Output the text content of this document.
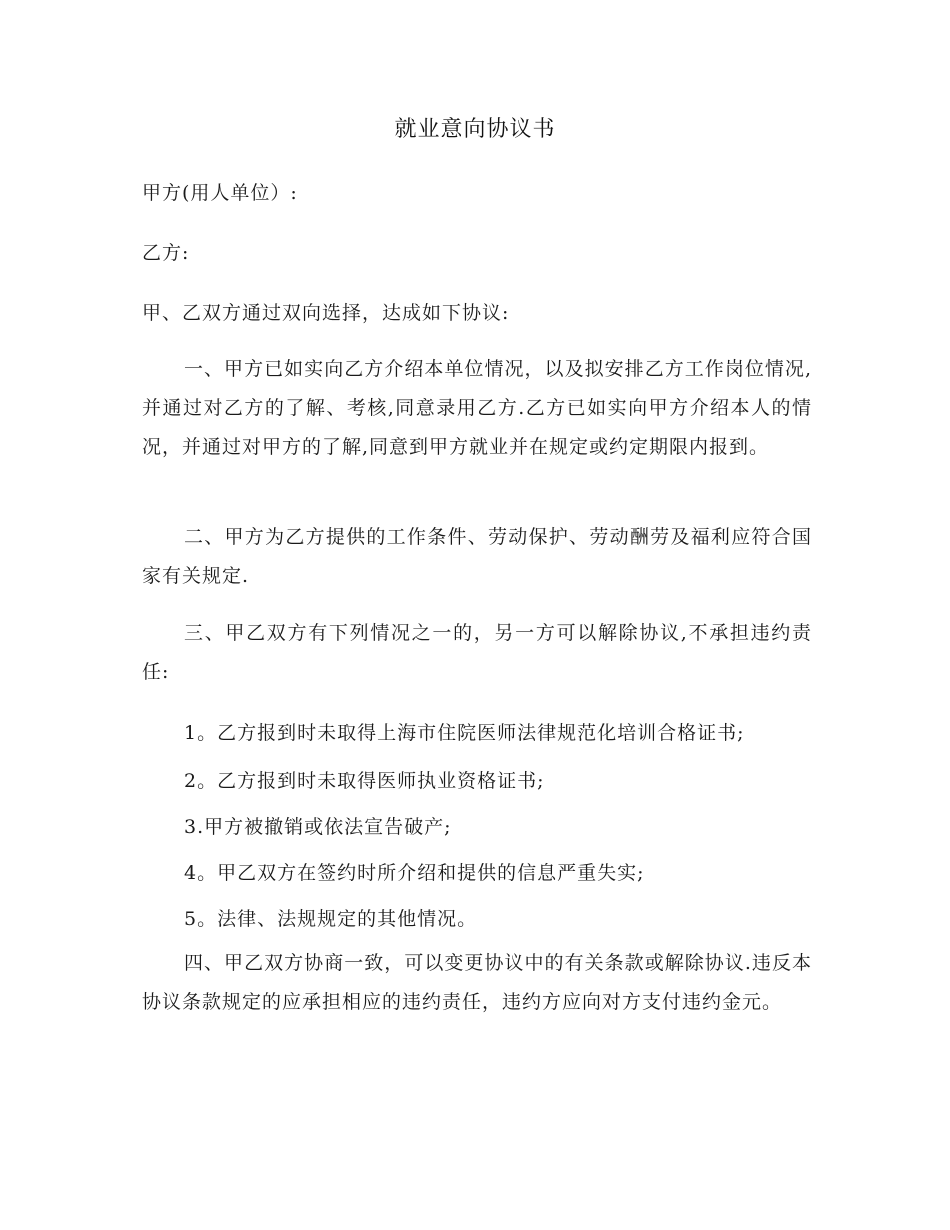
就业意向协议书
甲方(用人单位）:
乙方:
甲、乙双方通过双向选择，达成如下协议:
一、甲方已如实向乙方介绍本单位情况，以及拟安排乙方工作岗位情况,并通过对乙方的了解、考核,同意录用乙方.乙方已如实向甲方介绍本人的情况，并通过对甲方的了解,同意到甲方就业并在规定或约定期限内报到。
二、甲方为乙方提供的工作条件、劳动保护、劳动酬劳及福利应符合国家有关规定.
三、甲乙双方有下列情况之一的，另一方可以解除协议,不承担违约责任:
1。乙方报到时未取得上海市住院医师法律规范化培训合格证书;
2。乙方报到时未取得医师执业资格证书;
3.甲方被撤销或依法宣告破产;
4。甲乙双方在签约时所介绍和提供的信息严重失实;
5。法律、法规规定的其他情况。
四、甲乙双方协商一致，可以变更协议中的有关条款或解除协议.违反本协议条款规定的应承担相应的违约责任，违约方应向对方支付违约金元。
